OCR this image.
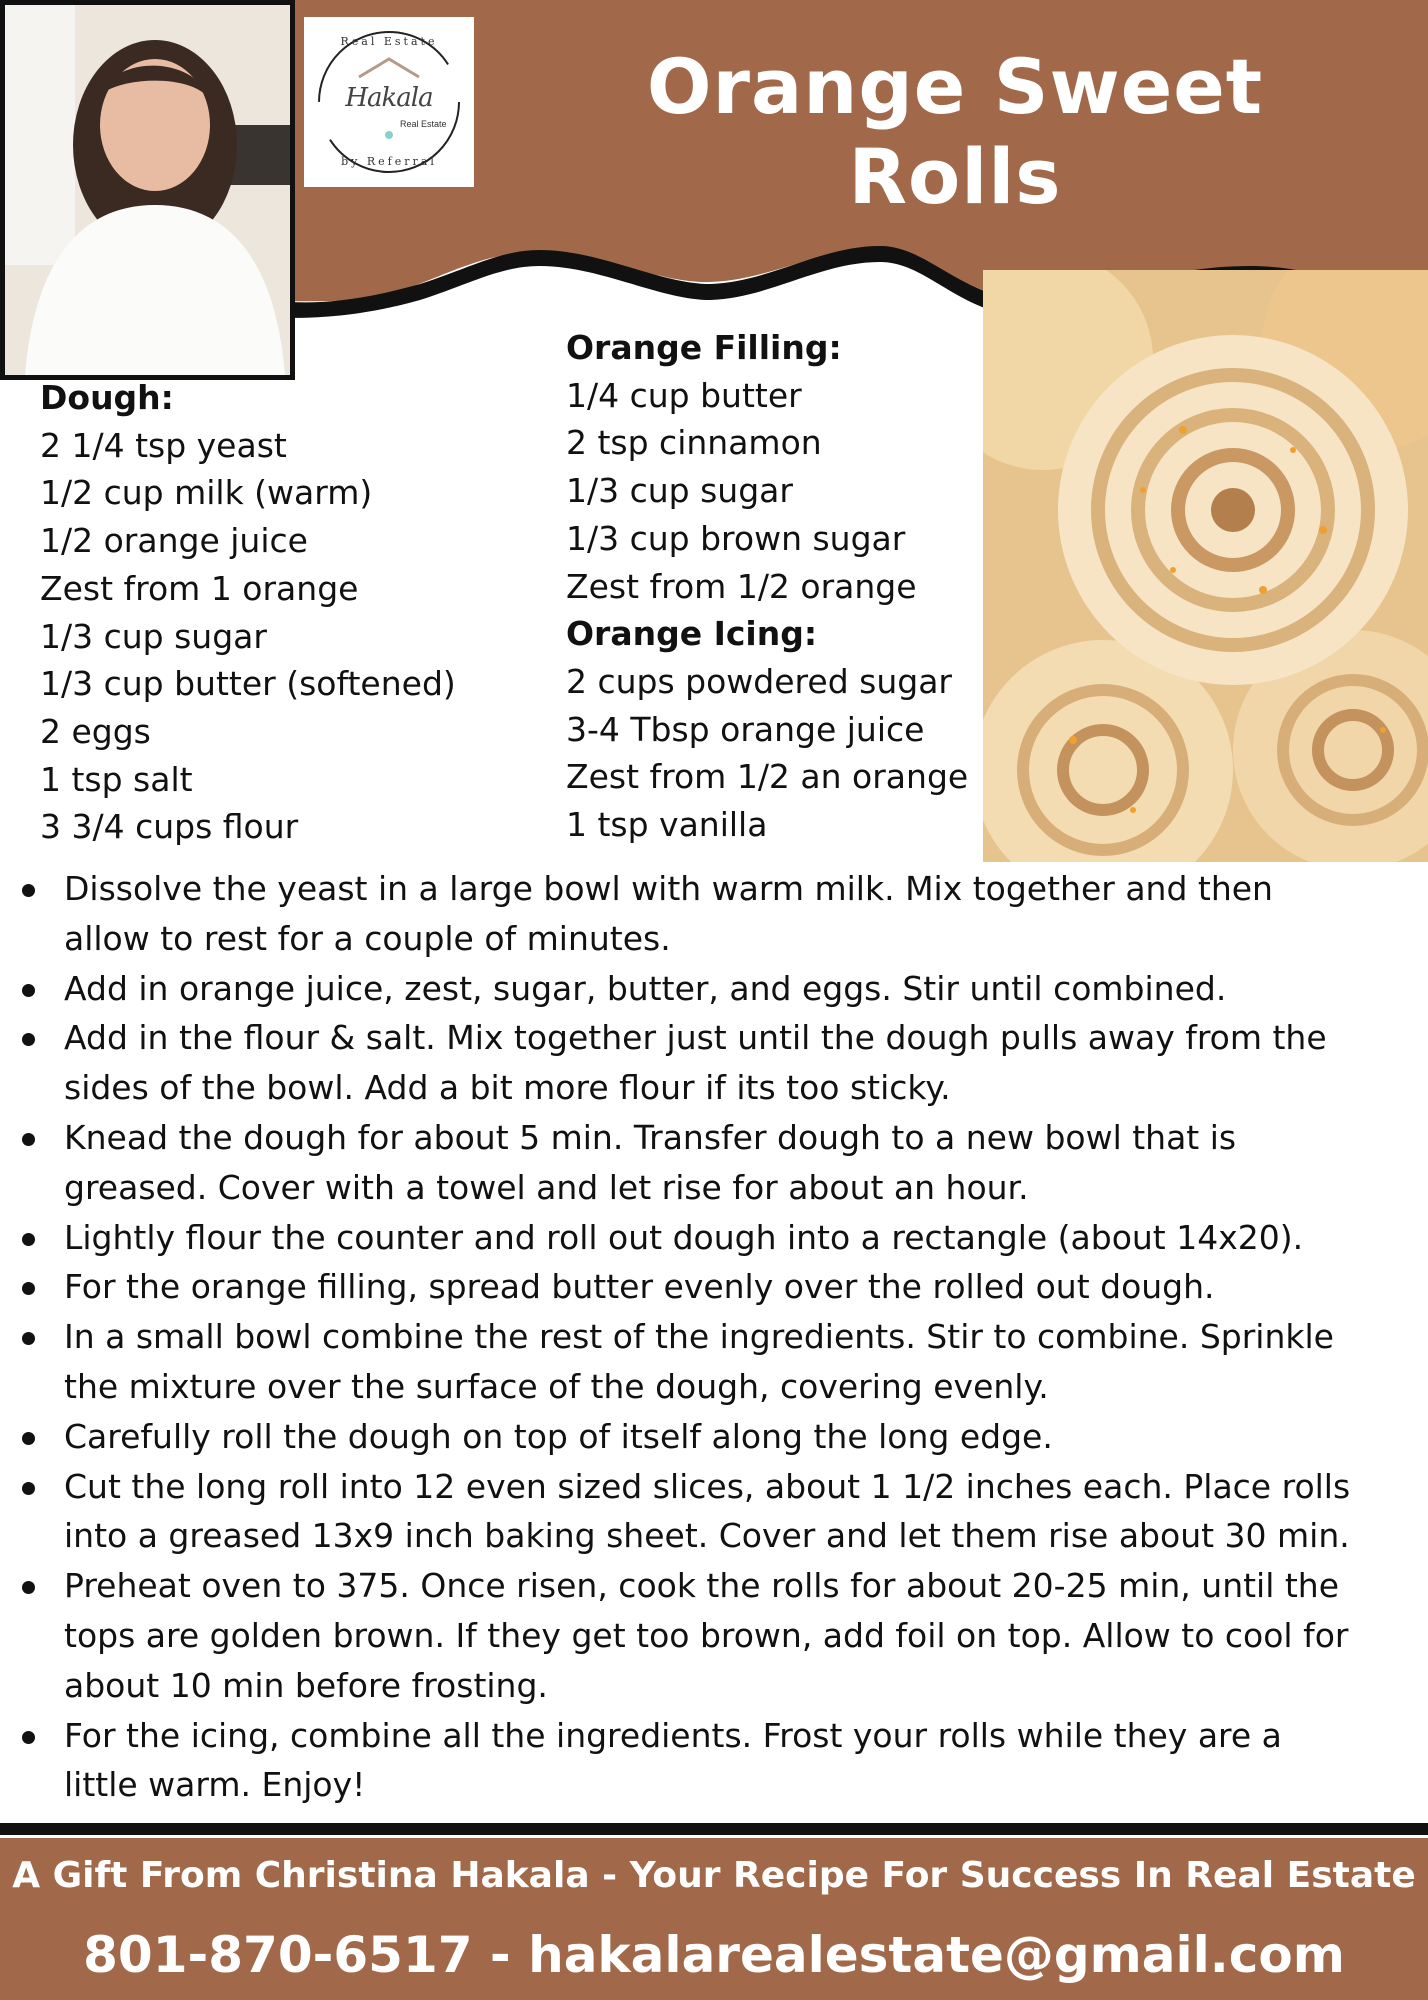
Real Estate
Hakala
Real Estate
by Referral
Orange Sweet
Rolls
Dough:
2 1/4 tsp yeast
1/2 cup milk (warm)
1/2 orange juice
Zest from 1 orange
1/3 cup sugar
1/3 cup butter (softened)
2 eggs
1 tsp salt
3 3/4 cups flour
Orange Filling:
1/4 cup butter
2 tsp cinnamon
1/3 cup sugar
1/3 cup brown sugar
Zest from 1/2 orange
Orange Icing:
2 cups powdered sugar
3-4 Tbsp orange juice
Zest from 1/2 an orange
1 tsp vanilla
Dissolve the yeast in a large bowl with warm milk. Mix together and then
allow to rest for a couple of minutes.
Add in orange juice, zest, sugar, butter, and eggs. Stir until combined.
Add in the flour & salt. Mix together just until the dough pulls away from the
sides of the bowl. Add a bit more flour if its too sticky.
Knead the dough for about 5 min. Transfer dough to a new bowl that is
greased. Cover with a towel and let rise for about an hour.
Lightly flour the counter and roll out dough into a rectangle (about 14x20).
For the orange filling, spread butter evenly over the rolled out dough.
In a small bowl combine the rest of the ingredients. Stir to combine. Sprinkle
the mixture over the surface of the dough, covering evenly.
Carefully roll the dough on top of itself along the long edge.
Cut the long roll into 12 even sized slices, about 1 1/2 inches each. Place rolls
into a greased 13x9 inch baking sheet. Cover and let them rise about 30 min.
Preheat oven to 375. Once risen, cook the rolls for about 20-25 min, until the
tops are golden brown. If they get too brown, add foil on top. Allow to cool for
about 10 min before frosting.
For the icing, combine all the ingredients. Frost your rolls while they are a
little warm. Enjoy!
A Gift From Christina Hakala - Your Recipe For Success In Real Estate
801-870-6517 - hakalarealestate@gmail.com
